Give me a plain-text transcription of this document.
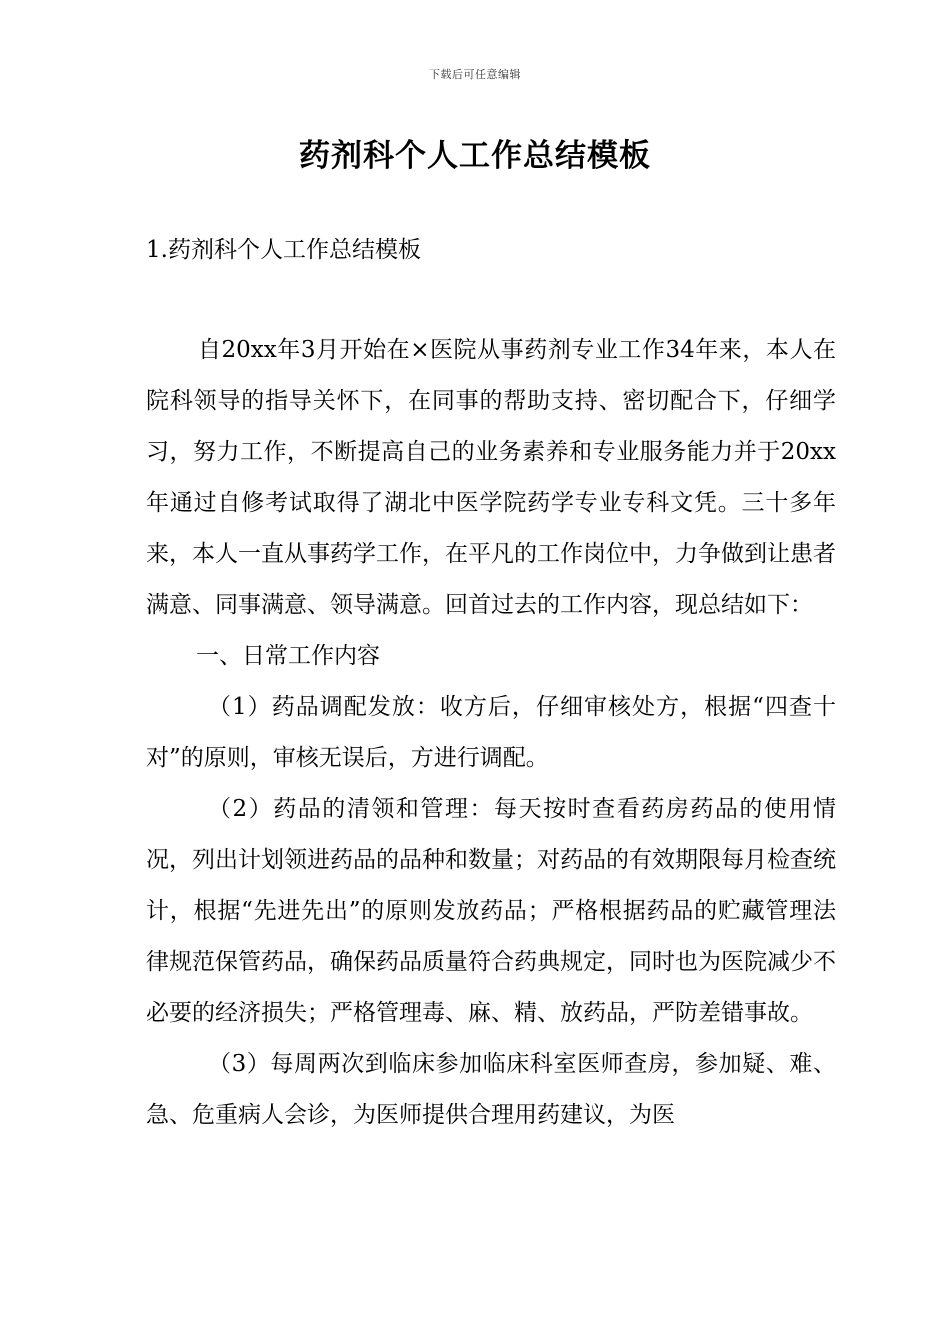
下载后可任意编辑
药剂科个人工作总结模板
1.药剂科个人工作总结模板

自20xx年3月开始在×医院从事药剂专业工作34年来，本人在院科领导的指导关怀下，在同事的帮助支持、密切配合下，仔细学习，努力工作，不断提高自己的业务素养和专业服务能力并于20xx年通过自修考试取得了湖北中医学院药学专业专科文凭。三十多年来，本人一直从事药学工作，在平凡的工作岗位中，力争做到让患者满意、同事满意、领导满意。回首过去的工作内容，现总结如下：

一、日常工作内容

（1）药品调配发放：收方后，仔细审核处方，根据“四查十对”的原则，审核无误后，方进行调配。

（2）药品的清领和管理：每天按时查看药房药品的使用情况，列出计划领进药品的品种和数量；对药品的有效期限每月检查统计，根据“先进先出”的原则发放药品；严格根据药品的贮藏管理法律规范保管药品，确保药品质量符合药典规定，同时也为医院减少不必要的经济损失；严格管理毒、麻、精、放药品，严防差错事故。

（3）每周两次到临床参加临床科室医师查房，参加疑、难、急、危重病人会诊，为医师提供合理用药建议，为医
